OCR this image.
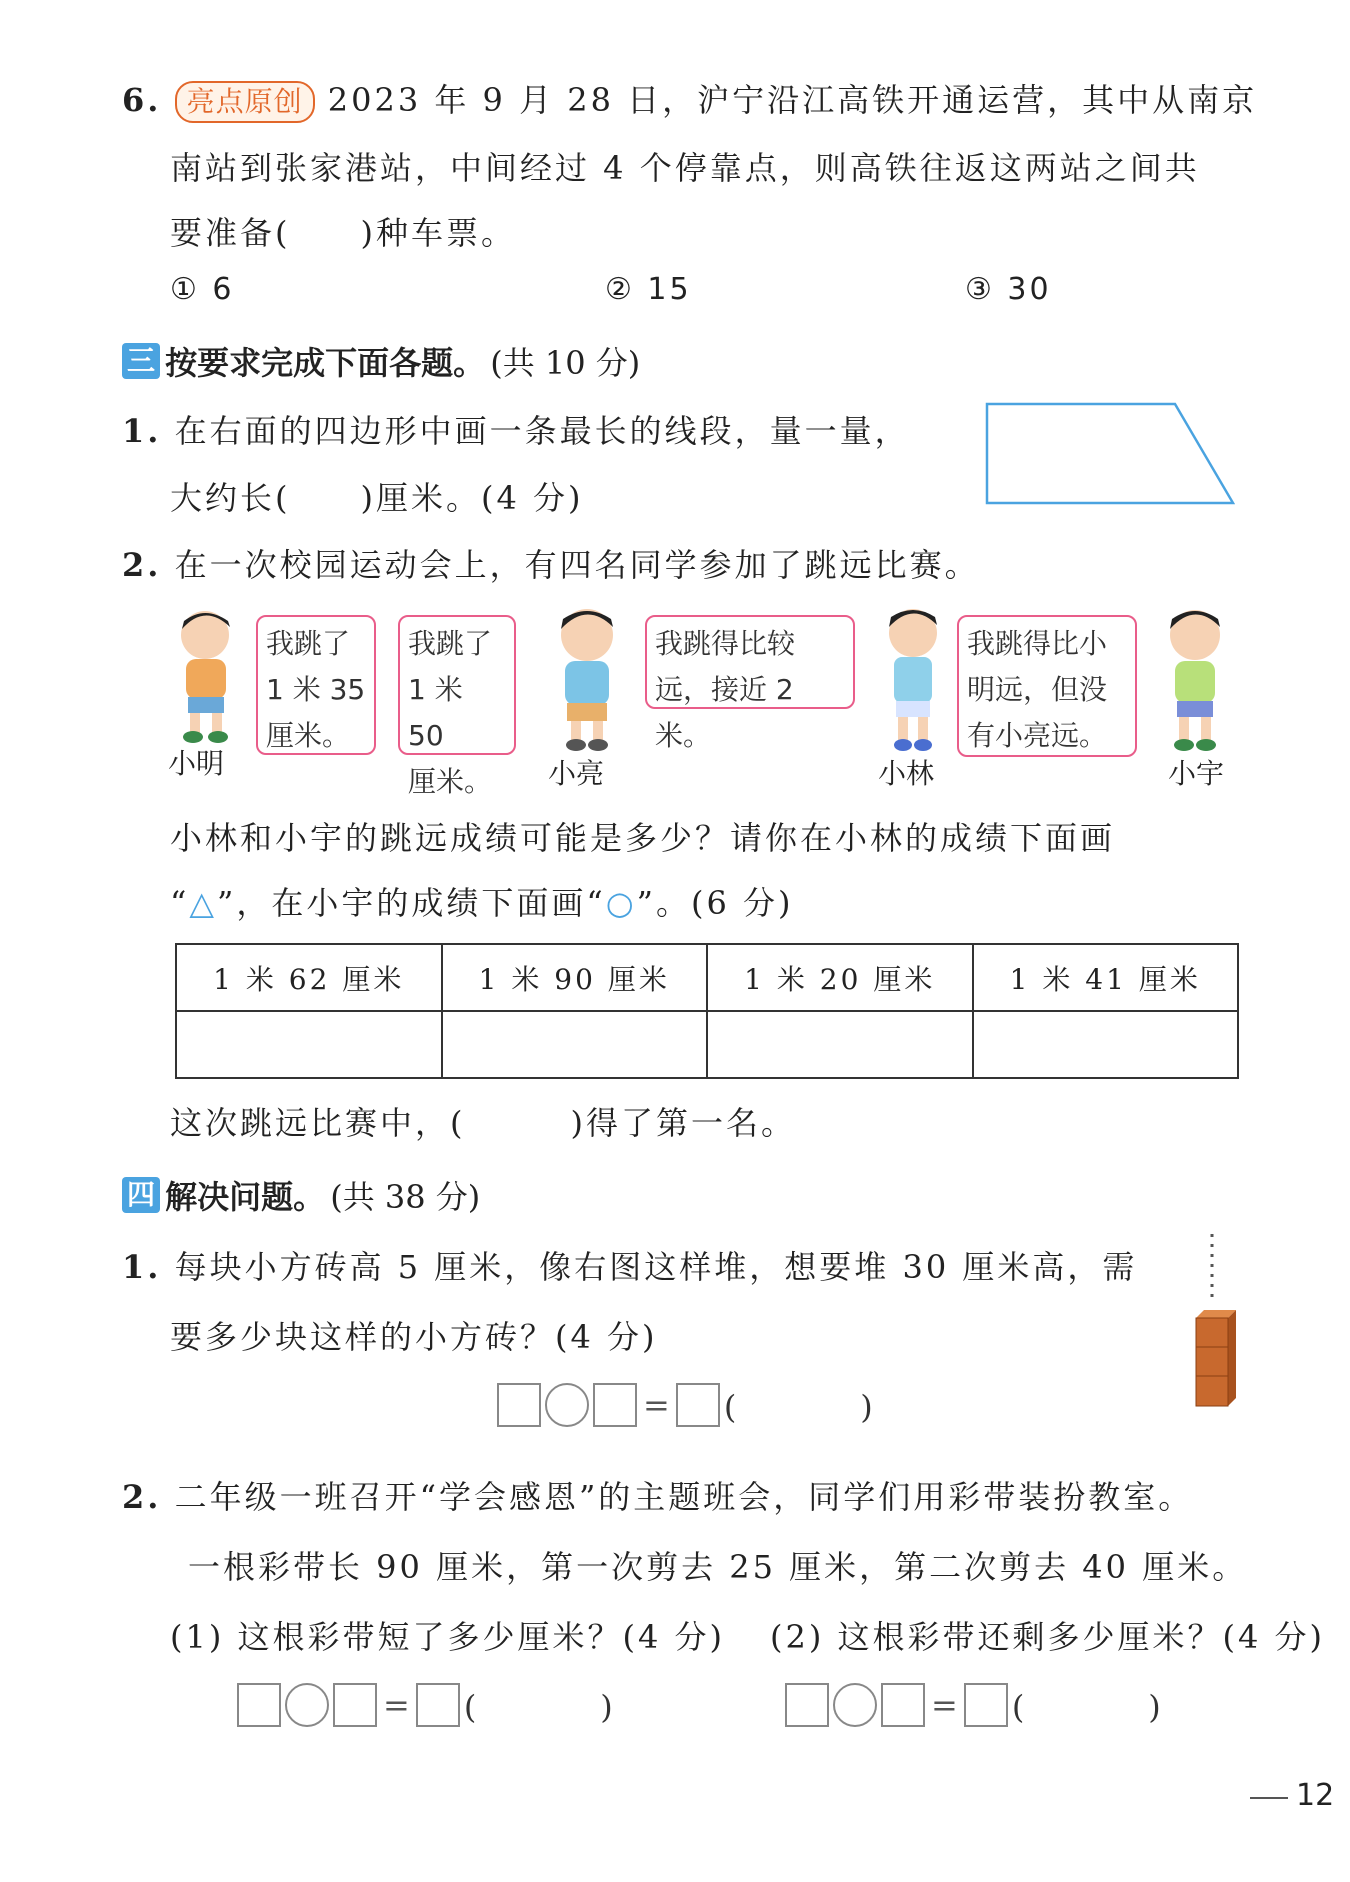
6. 亮点原创 2023 年 9 月 28 日，沪宁沿江高铁开通运营，其中从南京
南站到张家港站，中间经过 4 个停靠点，则高铁往返这两站之间共
要准备(　　)种车票。
① 6	② 15	③ 30
三 按要求完成下面各题。 (共 10 分)
1. 在右面的四边形中画一条最长的线段，量一量，
大约长(　　)厘米。(4 分)
2. 在一次校园运动会上，有四名同学参加了跳远比赛。
我跳了
1 米 35
厘米。
小明
我跳了
1 米 50
厘米。	小亮
我跳得比较
远，接近 2 米。
小林
我跳得比小
明远，但没
有小亮远。
小宇
小林和小宇的跳远成绩可能是多少？请你在小林的成绩下面画
“△”，在小宇的成绩下面画“○”。(6 分)
1 米 62 厘米	1 米 90 厘米	1 米 20 厘米	1 米 41 厘米

这次跳远比赛中，(　　　)得了第一名。
四 解决问题。 (共 38 分)
1. 每块小方砖高 5 厘米，像右图这样堆，想要堆 30 厘米高，需
要多少块这样的小方砖？(4 分)
= (　)
2. 二年级一班召开“学会感恩”的主题班会，同学们用彩带装扮教室。
一根彩带长 90 厘米，第一次剪去 25 厘米，第二次剪去 40 厘米。
(1) 这根彩带短了多少厘米？(4 分) (2) 这根彩带还剩多少厘米？(4 分)
= (　)	= (　)
12
